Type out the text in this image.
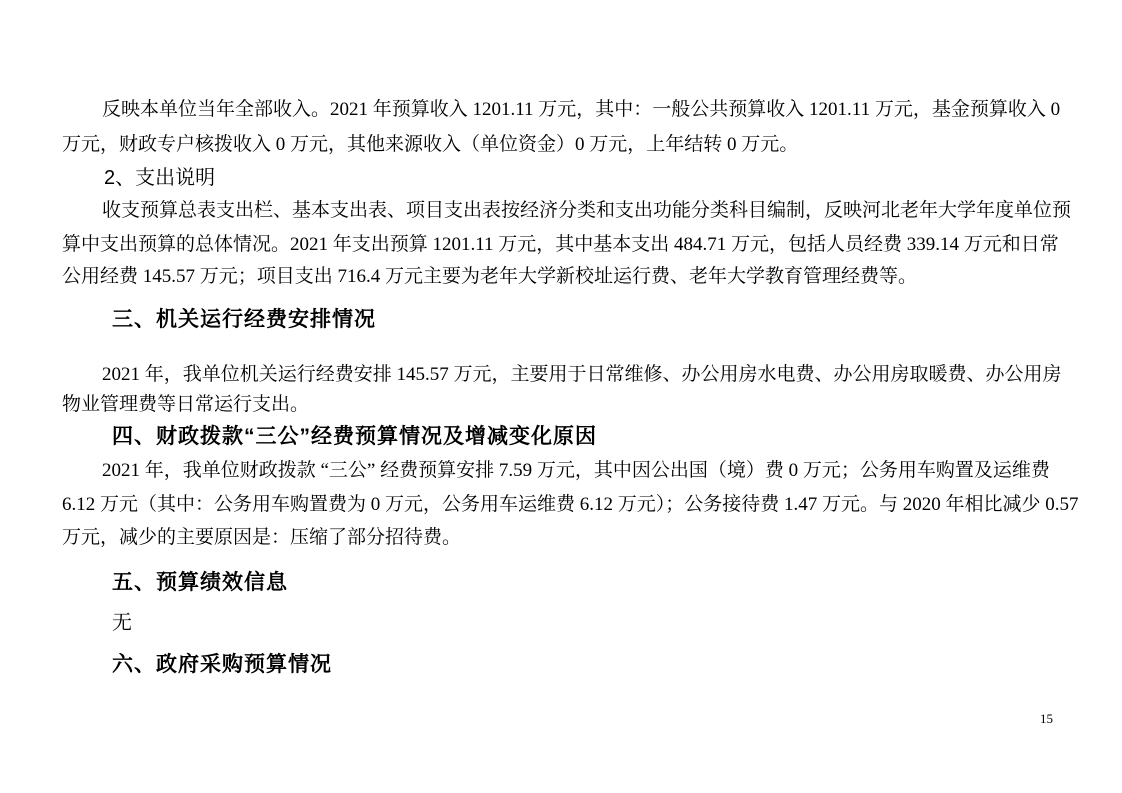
反映本单位当年全部收入。2021 年预算收入 1201.11 万元，其中：一般公共预算收入 1201.11 万元，基金预算收入 0
万元，财政专户核拨收入 0 万元，其他来源收入（单位资金）0 万元，上年结转 0 万元。
2、支出说明
收支预算总表支出栏、基本支出表、项目支出表按经济分类和支出功能分类科目编制，反映河北老年大学年度单位预
算中支出预算的总体情况。2021 年支出预算 1201.11 万元，其中基本支出 484.71 万元，包括人员经费 339.14 万元和日常
公用经费 145.57 万元；项目支出 716.4 万元主要为老年大学新校址运行费、老年大学教育管理经费等。
三、机关运行经费安排情况
2021 年，我单位机关运行经费安排 145.57 万元，主要用于日常维修、办公用房水电费、办公用房取暖费、办公用房
物业管理费等日常运行支出。
四、财政拨款“三公”经费预算情况及增减变化原因
2021 年，我单位财政拨款 “三公” 经费预算安排 7.59 万元，其中因公出国（境）费 0 万元；公务用车购置及运维费
6.12 万元（其中：公务用车购置费为 0 万元，公务用车运维费 6.12 万元）；公务接待费 1.47 万元。与 2020 年相比减少 0.57
万元，减少的主要原因是：压缩了部分招待费。
五、预算绩效信息
无
六、政府采购预算情况
15
